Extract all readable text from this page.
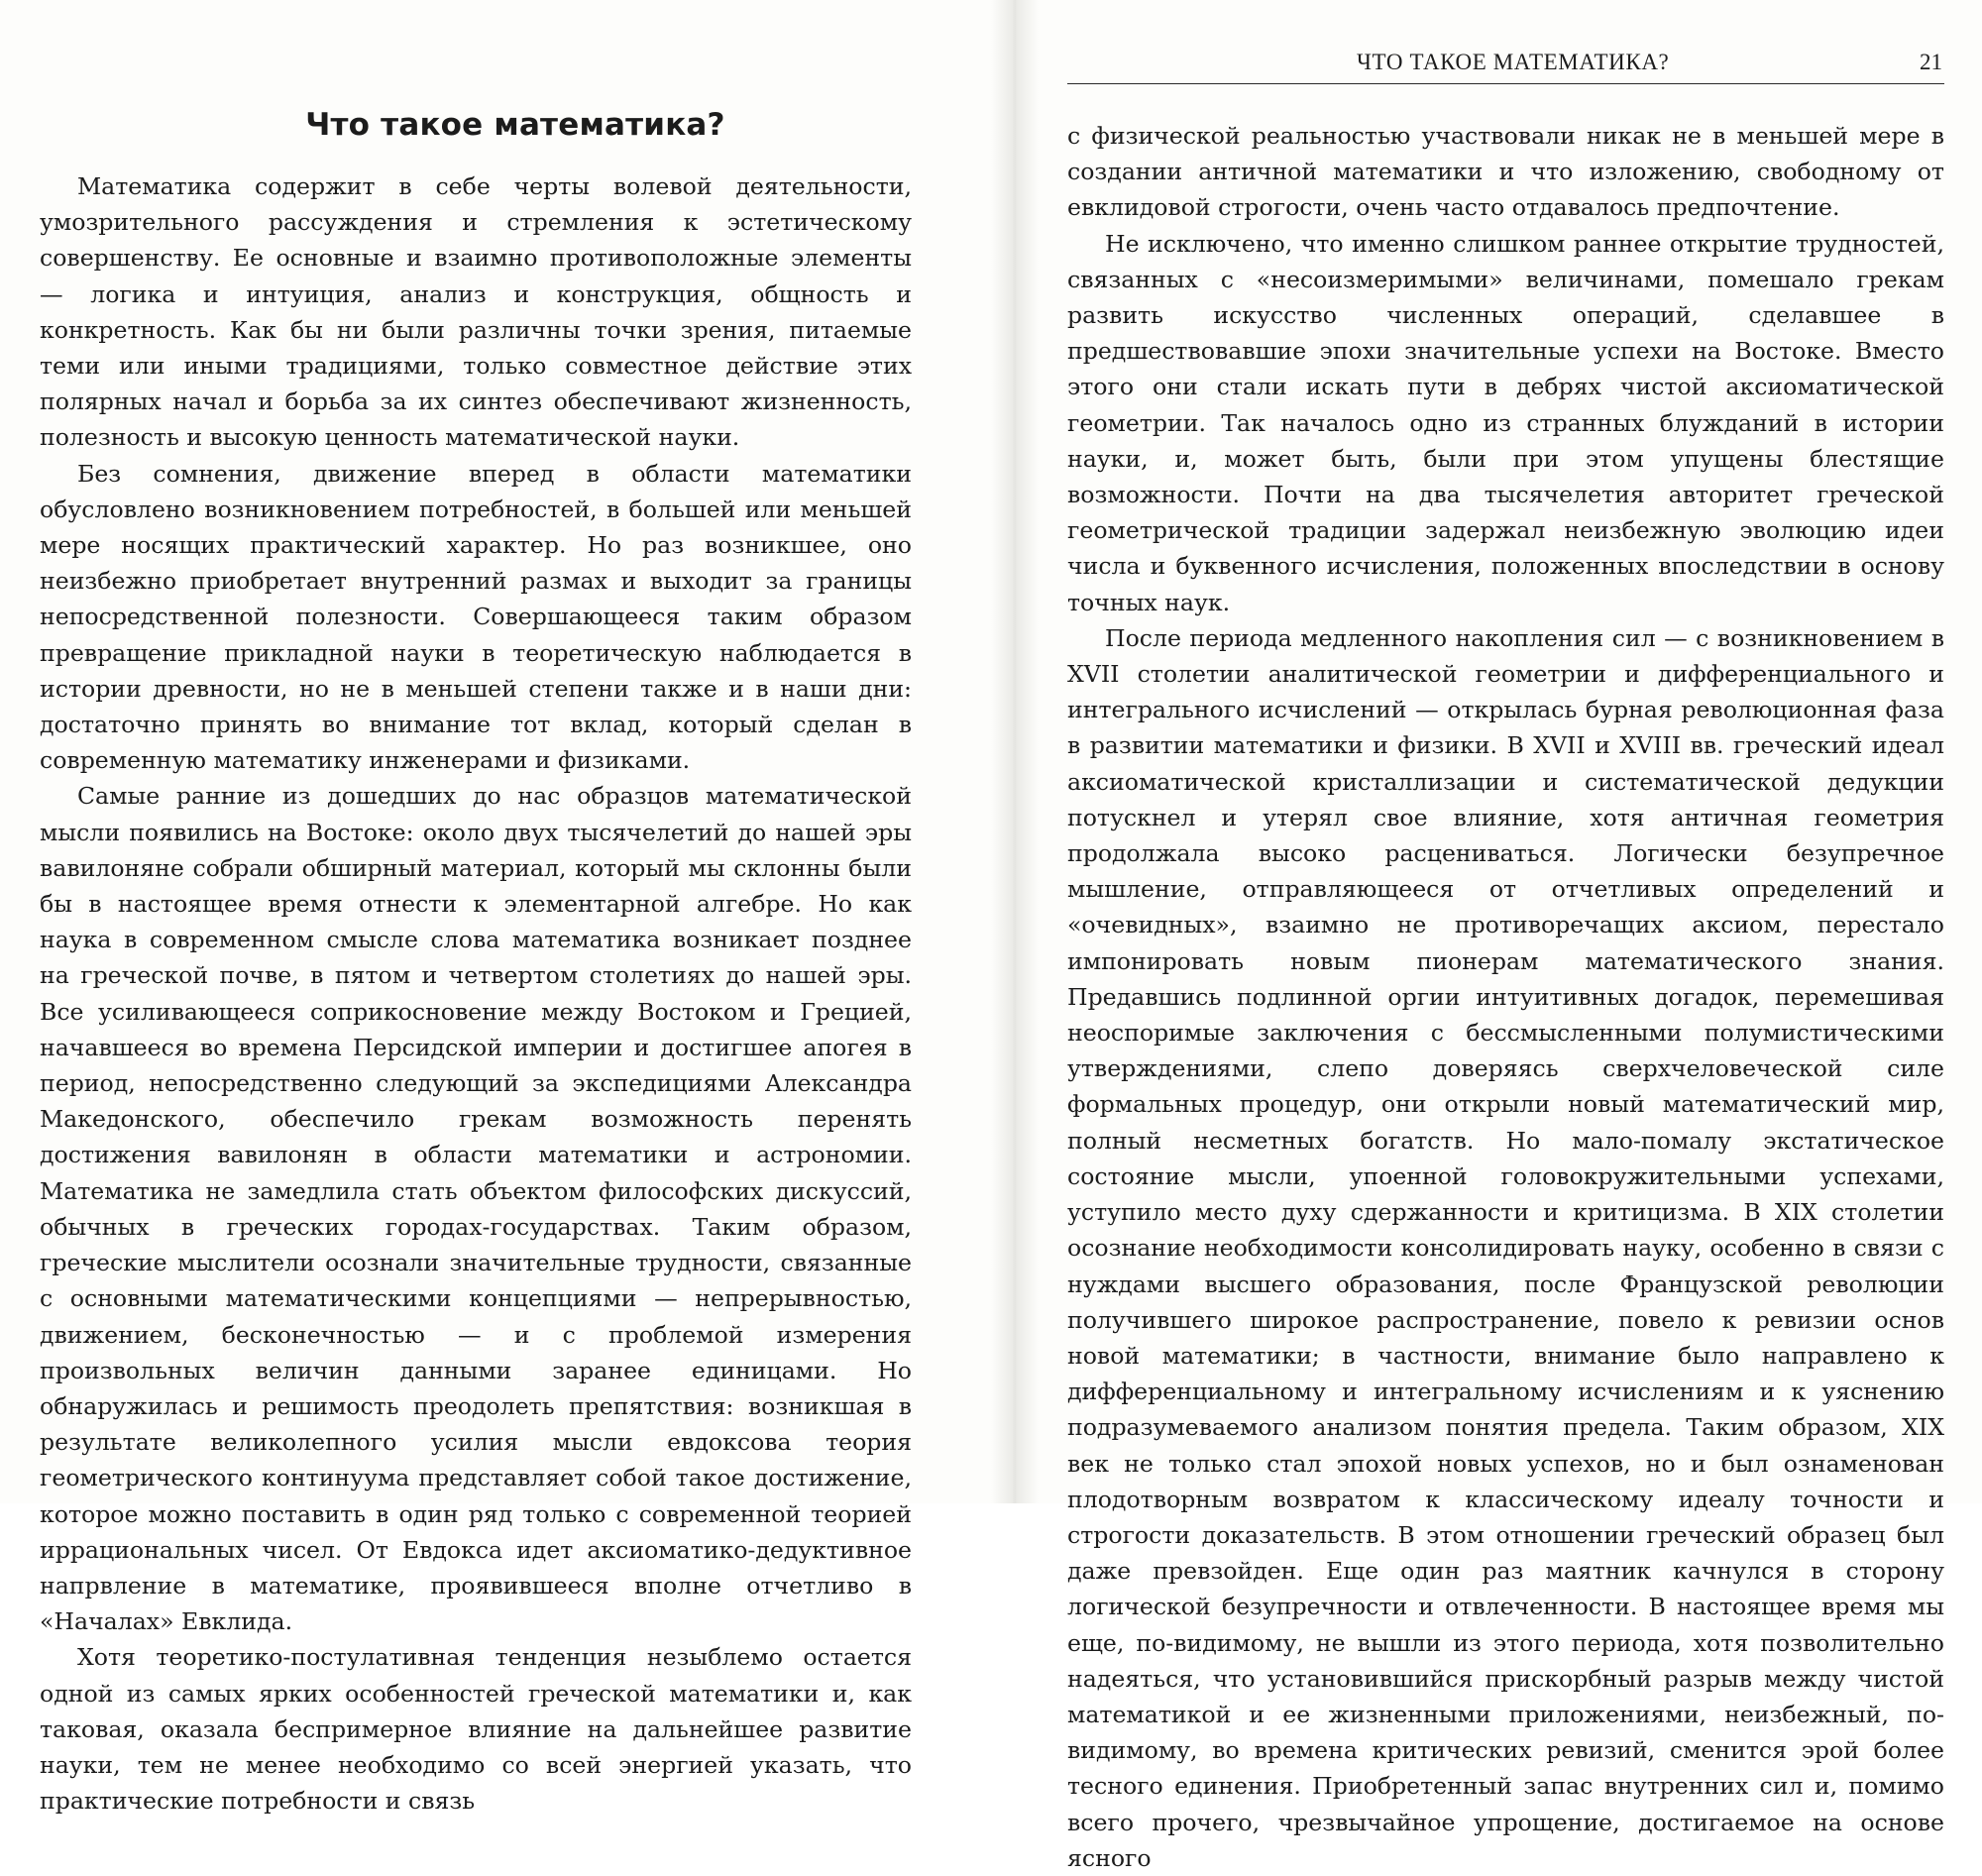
Что такое математика?

Математика содержит в себе черты волевой деятельности, умозрительного рассуждения и стремления к эстетическому совершенству. Ее основные и взаимно противоположные элементы — логика и интуиция, анализ и конструкция, общность и конкретность. Как бы ни были различны точки зрения, питаемые теми или иными традициями, только совместное действие этих полярных начал и борьба за их синтез обеспечивают жизненность, полезность и высокую ценность математической науки.

Без сомнения, движение вперед в области математики обусловлено возникновением потребностей, в большей или меньшей мере носящих практический характер. Но раз возникшее, оно неизбежно приобретает внутренний размах и выходит за границы непосредственной полезности. Совершающееся таким образом превращение прикладной науки в теоретическую наблюдается в истории древности, но не в меньшей степени также и в наши дни: достаточно принять во внимание тот вклад, который сделан в современную математику инженерами и физиками.

Самые ранние из дошедших до нас образцов математической мысли появились на Востоке: около двух тысячелетий до нашей эры вавилоняне собрали обширный материал, который мы склонны были бы в настоящее время отнести к элементарной алгебре. Но как наука в современном смысле слова математика возникает позднее на греческой почве, в пятом и четвертом столетиях до нашей эры. Все усиливающееся соприкосновение между Востоком и Грецией, начавшееся во времена Персидской империи и достигшее апогея в период, непосредственно следующий за экспедициями Александра Македонского, обеспечило грекам возможность перенять достижения вавилонян в области математики и астрономии. Математика не замедлила стать объектом философских дискуссий, обычных в греческих городах-государствах. Таким образом, греческие мыслители осознали значительные трудности, связанные с основными математическими концепциями — непрерывностью, движением, бесконечностью — и с проблемой измерения произвольных величин данными заранее единицами. Но обнаружилась и решимость преодолеть препятствия: возникшая в результате великолепного усилия мысли евдоксова теория геометрического континуума представляет собой такое достижение, которое можно поставить в один ряд только с современной теорией иррациональных чисел. От Евдокса идет аксиоматико-дедуктивное напрвление в математике, проявившееся вполне отчетливо в «Началах» Евклида.

Хотя теоретико-постулативная тенденция незыблемо остается одной из самых ярких особенностей греческой математики и, как таковая, оказала беспримерное влияние на дальнейшее развитие науки, тем не менее необходимо со всей энергией указать, что практические потребности и связь

ЧТО ТАКОЕ МАТЕМАТИКА?	21

с физической реальностью участвовали никак не в меньшей мере в создании античной математики и что изложению, свободному от евклидовой строгости, очень часто отдавалось предпочтение.

Не исключено, что именно слишком раннее открытие трудностей, связанных с «несоизмеримыми» величинами, помешало грекам развить искусство численных операций, сделавшее в предшествовавшие эпохи значительные успехи на Востоке. Вместо этого они стали искать пути в дебрях чистой аксиоматической геометрии. Так началось одно из странных блужданий в истории науки, и, может быть, были при этом упущены блестящие возможности. Почти на два тысячелетия авторитет греческой геометрической традиции задержал неизбежную эволюцию идеи числа и буквенного исчисления, положенных впоследствии в основу точных наук.

После периода медленного накопления сил — с возникновением в XVII столетии аналитической геометрии и дифференциального и интегрального исчислений — открылась бурная революционная фаза в развитии математики и физики. В XVII и XVIII вв. греческий идеал аксиоматической кристаллизации и систематической дедукции потускнел и утерял свое влияние, хотя античная геометрия продолжала высоко расцениваться. Логически безупречное мышление, отправляющееся от отчетливых определений и «очевидных», взаимно не противоречащих аксиом, перестало импонировать новым пионерам математического знания. Предавшись подлинной оргии интуитивных догадок, перемешивая неоспоримые заключения с бессмысленными полумистическими утверждениями, слепо доверяясь сверхчеловеческой силе формальных процедур, они открыли новый математический мир, полный несметных богатств. Но мало-помалу экстатическое состояние мысли, упоенной головокружительными успехами, уступило место духу сдержанности и критицизма. В XIX столетии осознание необходимости консолидировать науку, особенно в связи с нуждами высшего образования, после Французской революции получившего широкое распространение, повело к ревизии основ новой математики; в частности, внимание было направлено к дифференциальному и интегральному исчислениям и к уяснению подразумеваемого анализом понятия предела. Таким образом, XIX век не только стал эпохой новых успехов, но и был ознаменован плодотворным возвратом к классическому идеалу точности и строгости доказательств. В этом отношении греческий образец был даже превзойден. Еще один раз маятник качнулся в сторону логической безупречности и отвлеченности. В настоящее время мы еще, по-видимому, не вышли из этого периода, хотя позволительно надеяться, что установившийся прискорбный разрыв между чистой математикой и ее жизненными приложениями, неизбежный, по-видимому, во времена критических ревизий, сменится эрой более тесного единения. Приобретенный запас внутренних сил и, помимо всего прочего, чрезвычайное упрощение, достигаемое на основе ясного
